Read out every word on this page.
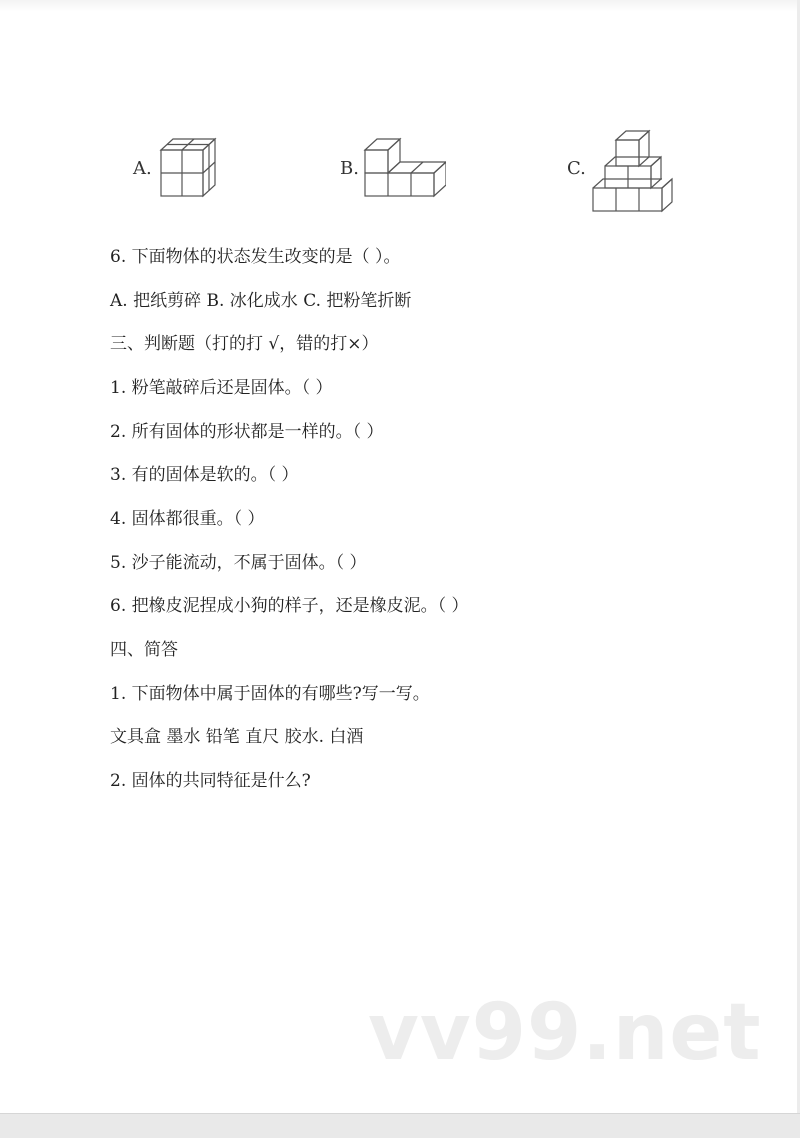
A.	B.	C.
6. 下面物体的状态发生改变的是（ ）。
A. 把纸剪碎 B. 冰化成水 C. 把粉笔折断
三、判断题（打的打 √，错的打×）
1. 粉笔敲碎后还是固体。（ ）
2. 所有固体的形状都是一样的。（ ）
3. 有的固体是软的。（ ）
4. 固体都很重。（ ）
5. 沙子能流动，不属于固体。（ ）
6. 把橡皮泥捏成小狗的样子，还是橡皮泥。（ ）
四、简答
1. 下面物体中属于固体的有哪些?写一写。
文具盒 墨水 铅笔 直尺 胶水. 白酒
2. 固体的共同特征是什么?
vv99.net
